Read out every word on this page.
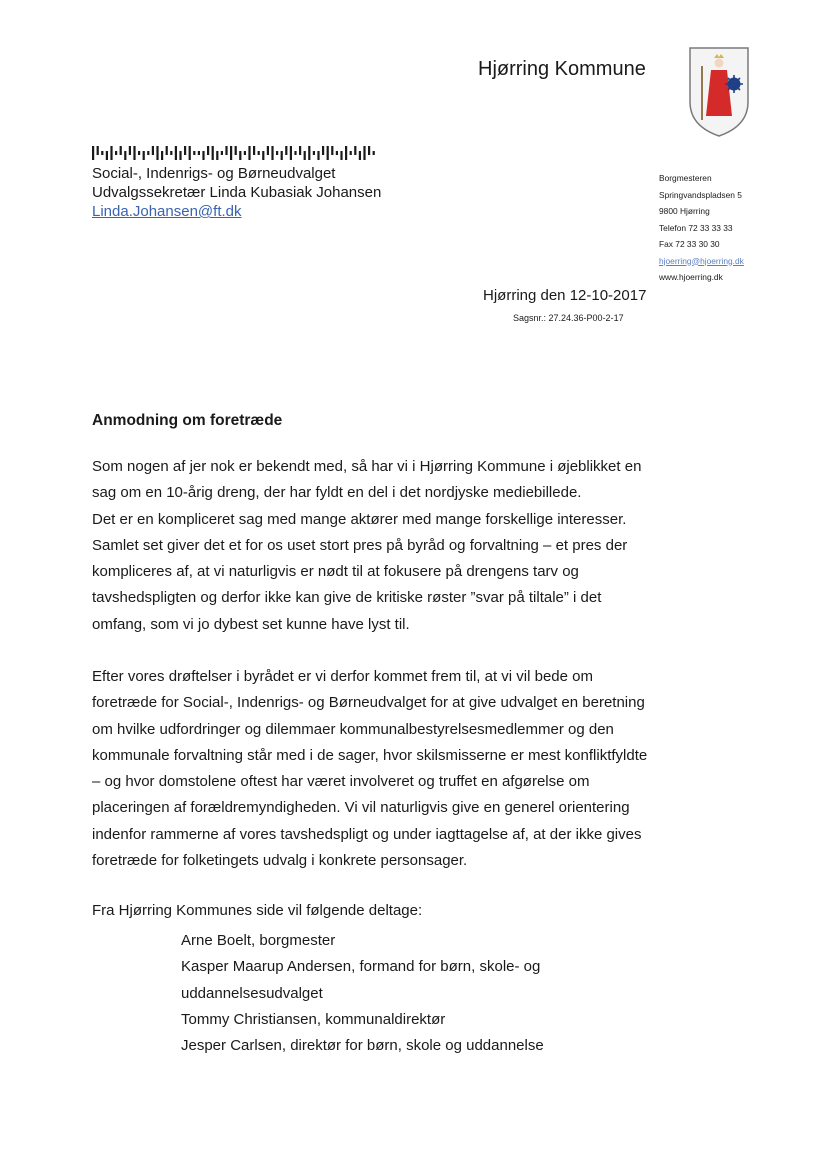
Hjørring Kommune
Social-, Indenrigs- og Børneudvalget
Udvalgssekretær Linda Kubasiak Johansen
Linda.Johansen@ft.dk
Borgmesteren
Springvandspladsen 5
9800 Hjørring
Telefon 72 33 33 33
Fax 72 33 30 30
hjoerring@hjoerring.dk
www.hjoerring.dk
Hjørring den 12-10-2017
Sagsnr.: 27.24.36-P00-2-17
Anmodning om foretræde
Som nogen af jer nok er bekendt med, så har vi i Hjørring Kommune i øjeblikket en
sag om en 10-årig dreng, der har fyldt en del i det nordjyske mediebillede.
Det er en kompliceret sag med mange aktører med mange forskellige interesser.
Samlet set giver det et for os uset stort pres på byråd og forvaltning – et pres der
kompliceres af, at vi naturligvis er nødt til at fokusere på drengens tarv og
tavshedspligten og derfor ikke kan give de kritiske røster ”svar på tiltale” i det
omfang, som vi jo dybest set kunne have lyst til.
Efter vores drøftelser i byrådet er vi derfor kommet frem til, at vi vil bede om
foretræde for Social-, Indenrigs- og Børneudvalget for at give udvalget en beretning
om hvilke udfordringer og dilemmaer kommunalbestyrelsesmedlemmer og den
kommunale forvaltning står med i de sager, hvor skilsmisserne er mest konfliktfyldte
– og hvor domstolene oftest har været involveret og truffet en afgørelse om
placeringen af forældremyndigheden. Vi vil naturligvis give en generel orientering
indenfor rammerne af vores tavshedspligt og under iagttagelse af, at der ikke gives
foretræde for folketingets udvalg i konkrete personsager.
Fra Hjørring Kommunes side vil følgende deltage:
Arne Boelt, borgmester
Kasper Maarup Andersen, formand for børn, skole- og
uddannelsesudvalget
Tommy Christiansen, kommunaldirektør
Jesper Carlsen, direktør for børn, skole og uddannelse
